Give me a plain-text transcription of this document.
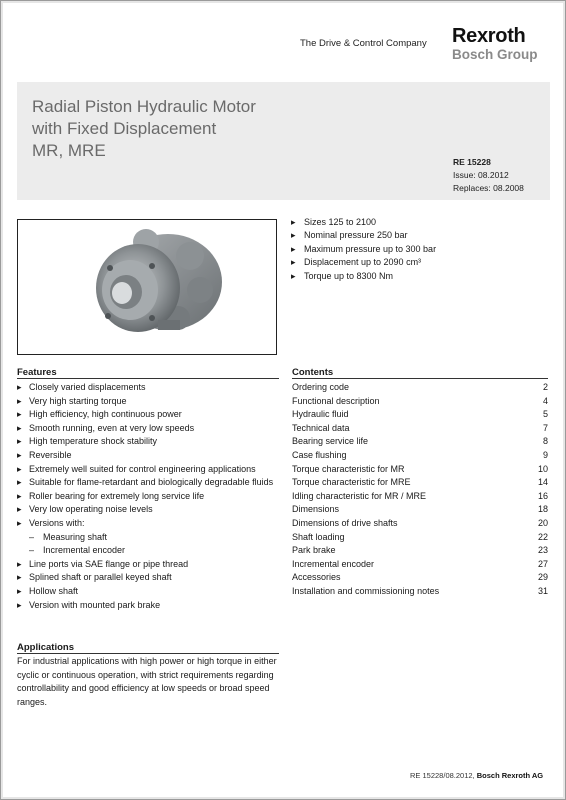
The Drive & Control Company Rexroth
Bosch Group
Radial Piston Hydraulic Motor
with Fixed Displacement
MR, MRE
RE 15228
Issue: 08.2012
Replaces: 08.2008
▸ Sizes 125 to 2100
▸ Nominal pressure 250 bar
▸ Maximum pressure up to 300 bar
▸ Displacement up to 2090 cm³
▸ Torque up to 8300 Nm
Features
▸ Closely varied displacements
▸ Very high starting torque
▸ High efficiency, high continuous power
▸ Smooth running, even at very low speeds
▸ High temperature shock stability
▸ Reversible
▸ Extremely well suited for control engineering applications
▸ Suitable for flame-retardant and biologically degradable fluids
▸ Roller bearing for extremely long service life
▸ Very low operating noise levels
▸ Versions with:
– Measuring shaft
– Incremental encoder
▸ Line ports via SAE flange or pipe thread
▸ Splined shaft or parallel keyed shaft
▸ Hollow shaft
▸ Version with mounted park brake
Contents
Ordering code	2
Functional description	4
Hydraulic fluid	5
Technical data	7
Bearing service life	8
Case flushing	9
Torque characteristic for MR	10
Torque characteristic for MRE	14
Idling characteristic for MR / MRE	16
Dimensions	18
Dimensions of drive shafts	20
Shaft loading	22
Park brake	23
Incremental encoder	27
Accessories	29
Installation and commissioning notes	31
Applications
For industrial applications with high power or high torque in either cyclic or continuous operation, with strict requirements regarding controllability and good efficiency at low speeds or broad speed ranges.
RE 15228/08.2012, Bosch Rexroth AG
